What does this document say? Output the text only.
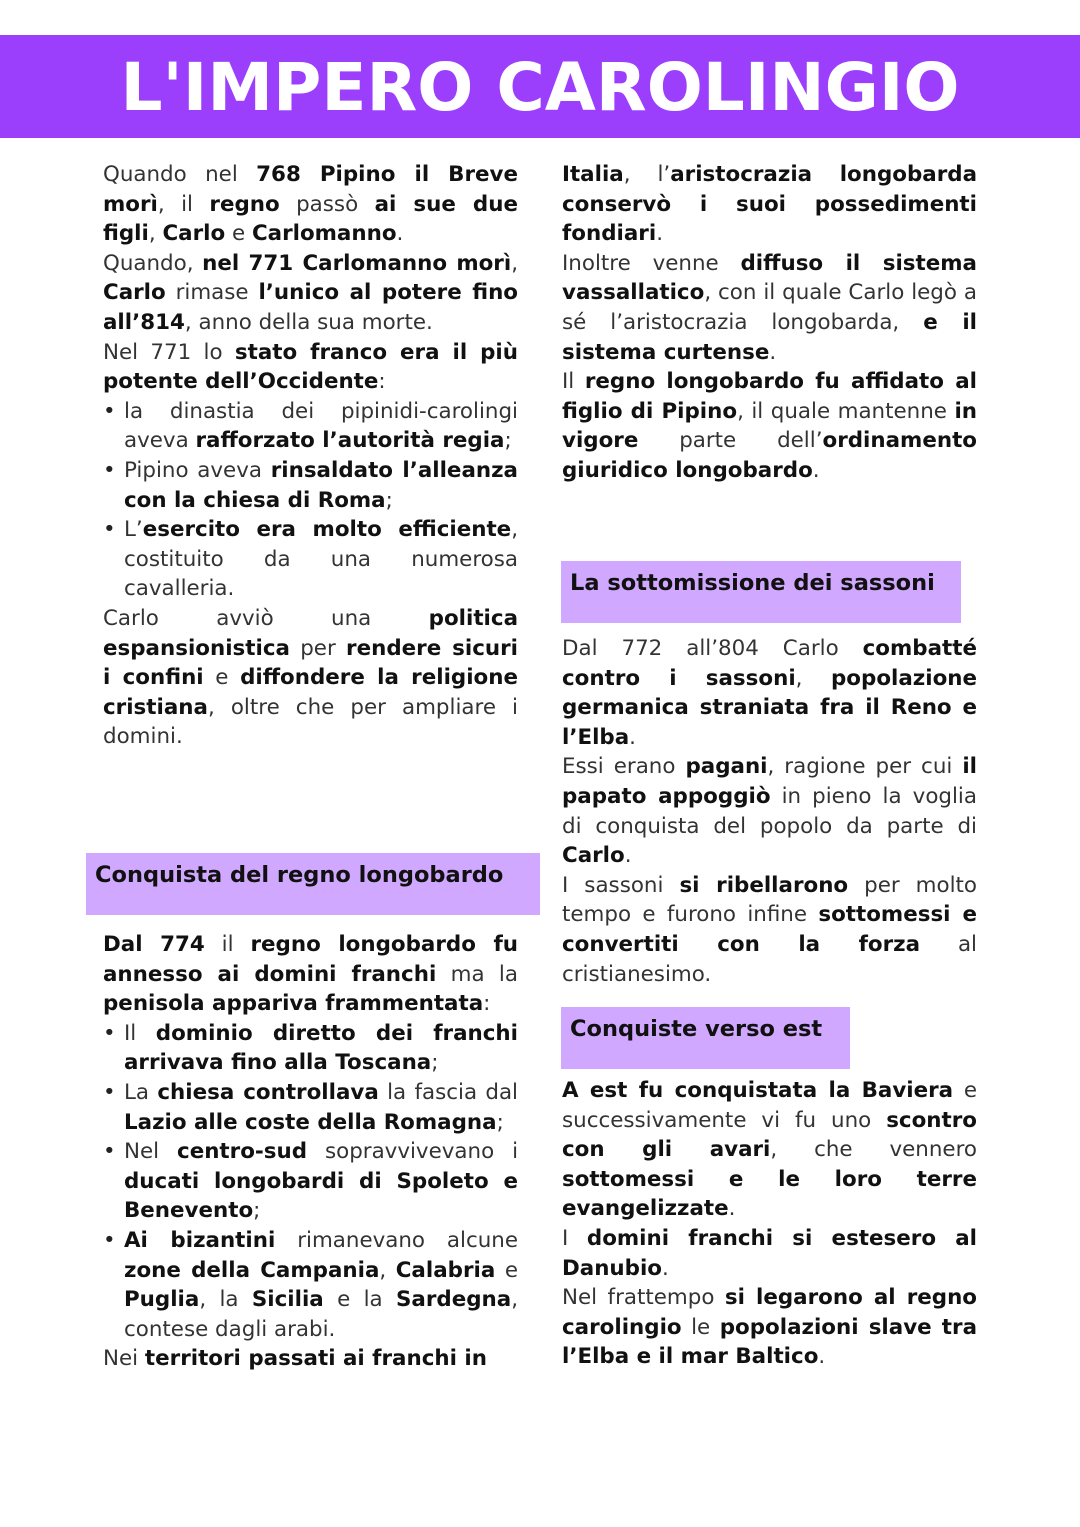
L'IMPERO CAROLINGIO

Quando nel 768 Pipino il Breve morì, il regno passò ai sue due figli, Carlo e Carlomanno.

Quando, nel 771 Carlomanno morì, Carlo rimase l’unico al potere fino all’814, anno della sua morte.

Nel 771 lo stato franco era il più potente dell’Occidente:

• la dinastia dei pipinidi-carolingi aveva rafforzato l’autorità regia;
• Pipino aveva rinsaldato l’alleanza con la chiesa di Roma;
• L’esercito era molto efficiente, costituito da una numerosa cavalleria.

Carlo avviò una politica espansionistica per rendere sicuri i confini e diffondere la religione cristiana, oltre che per ampliare i domini.

Conquista del regno longobardo

Dal 774 il regno longobardo fu annesso ai domini franchi ma la penisola apparivа frammentata:

• Il dominio diretto dei franchi arrivava fino alla Toscana;
• La chiesa controllava la fascia dal Lazio alle coste della Romagna;
• Nel centro-sud sopravvivevano i ducati longobardi di Spoleto e Benevento;
• Ai bizantini rimanevano alcune zone della Campania, Calabria e Puglia, la Sicilia e la Sardegna, contese dagli arabi.

Nei territori passati ai franchi in

Italia, l’aristocrazia longobarda conservò i suoi possedimenti fondiari.

Inoltre venne diffuso il sistema vassallatico, con il quale Carlo legò a sé l’aristocrazia longobarda, e il sistema curtense.

Il regno longobardo fu affidato al figlio di Pipino, il quale mantenne in vigore parte dell’ordinamento giuridico longobardo.

La sottomissione dei sassoni

Dal 772 all’804 Carlo combatté contro i sassoni, popolazione germanica straniata fra il Reno e l’Elba.

Essi erano pagani, ragione per cui il papato appoggiò in pieno la voglia di conquista del popolo da parte di Carlo.

I sassoni si ribellarono per molto tempo e furono infine sottomessi e convertiti con la forza al cristianesimo.

Conquiste verso est

A est fu conquistata la Baviera e successivamente vi fu uno scontro con gli avari, che vennero sottomessi e le loro terre evangelizzate.

I domini franchi si estesero al Danubio.

Nel frattempo si legarono al regno carolingio le popolazioni slave tra l’Elba e il mar Baltico.
